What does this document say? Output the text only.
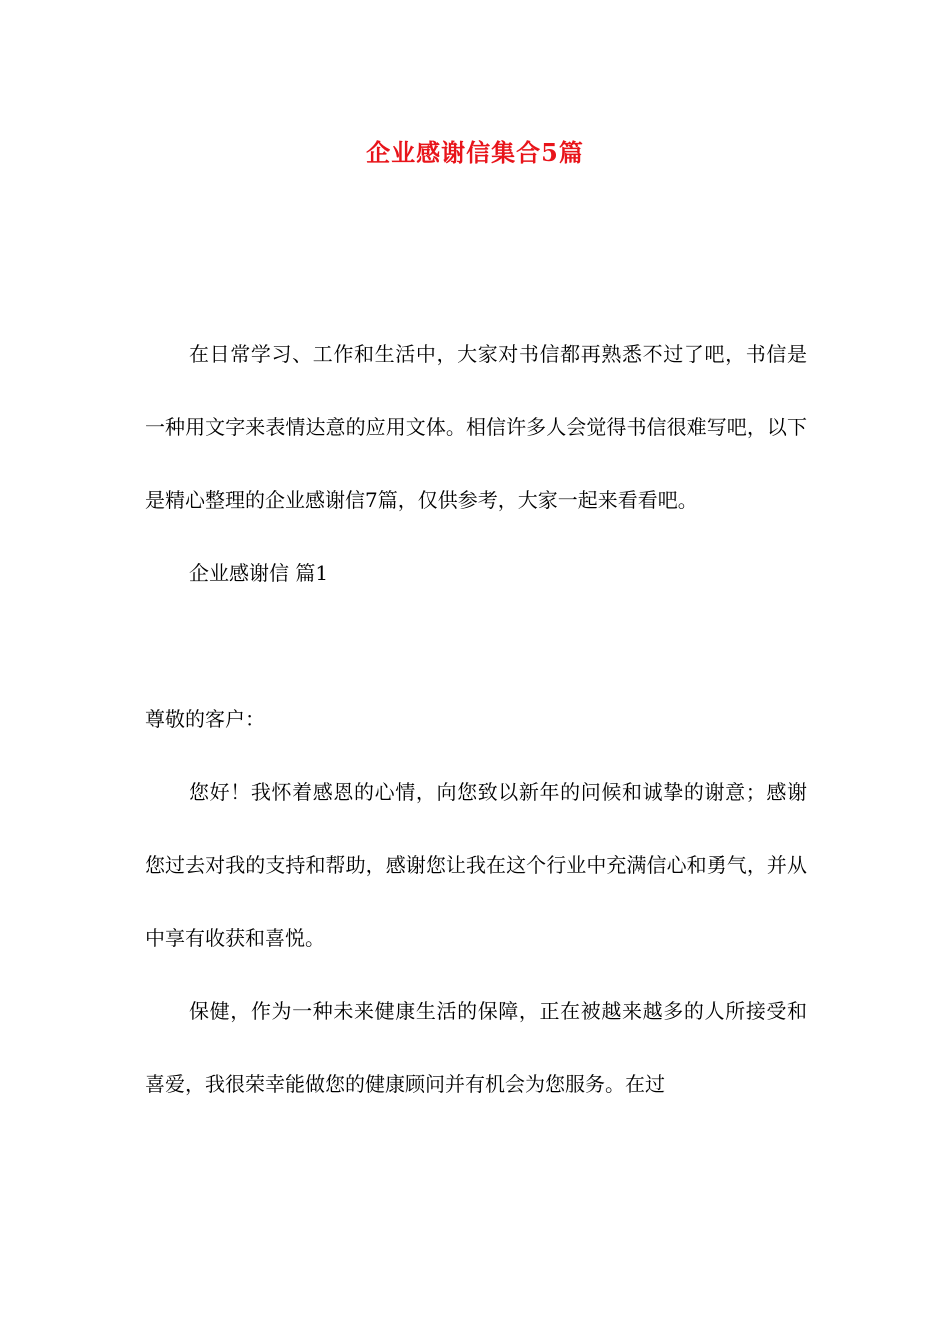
企业感谢信集合5篇

在日常学习、工作和生活中，大家对书信都再熟悉不过了吧，书信是一种用文字来表情达意的应用文体。相信许多人会觉得书信很难写吧，以下是精心整理的企业感谢信7篇，仅供参考，大家一起来看看吧。

企业感谢信 篇1

尊敬的客户：

您好！我怀着感恩的心情，向您致以新年的问候和诚挚的谢意；感谢您过去对我的支持和帮助，感谢您让我在这个行业中充满信心和勇气，并从中享有收获和喜悦。

保健，作为一种未来健康生活的保障，正在被越来越多的人所接受和喜爱，我很荣幸能做您的健康顾问并有机会为您服务。在过
